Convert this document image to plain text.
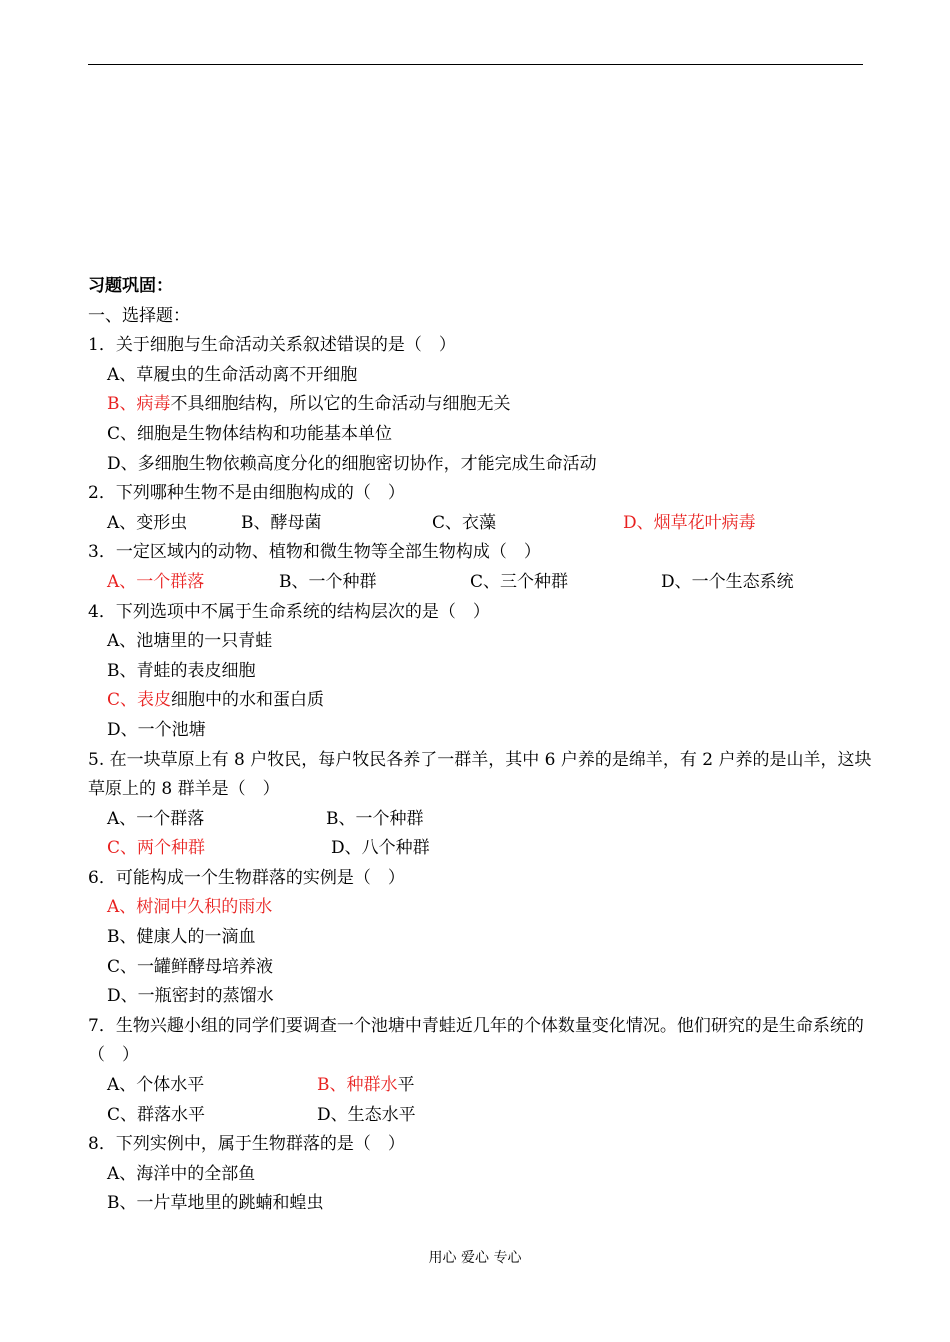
习题巩固：
一、选择题：
1．关于细胞与生命活动关系叙述错误的是（　）
A、草履虫的生命活动离不开细胞
B、病毒不具细胞结构，所以它的生命活动与细胞无关
C、细胞是生物体结构和功能基本单位
D、多细胞生物依赖高度分化的细胞密切协作，才能完成生命活动
2．下列哪种生物不是由细胞构成的（　）
A、变形虫	B、酵母菌	C、衣藻	D、烟草花叶病毒
3．一定区域内的动物、植物和微生物等全部生物构成（　）
A、一个群落	B、一个种群	C、三个种群	D、一个生态系统
4．下列选项中不属于生命系统的结构层次的是（　）
A、池塘里的一只青蛙
B、青蛙的表皮细胞
C、表皮细胞中的水和蛋白质
D、一个池塘
5. 在一块草原上有 8 户牧民，每户牧民各养了一群羊，其中 6 户养的是绵羊，有 2 户养的是山羊，这块草原上的 8 群羊是（　）
A、一个群落	B、一个种群
C、两个种群	D、八个种群
6．可能构成一个生物群落的实例是（　）
A、树洞中久积的雨水
B、健康人的一滴血
C、一罐鲜酵母培养液
D、一瓶密封的蒸馏水
7．生物兴趣小组的同学们要调查一个池塘中青蛙近几年的个体数量变化情况。他们研究的是生命系统的（　）
A、个体水平	B、种群水平
C、群落水平	D、生态水平
8．下列实例中，属于生物群落的是（　）
A、海洋中的全部鱼
B、一片草地里的跳蝻和蝗虫
用心 爱心 专心
